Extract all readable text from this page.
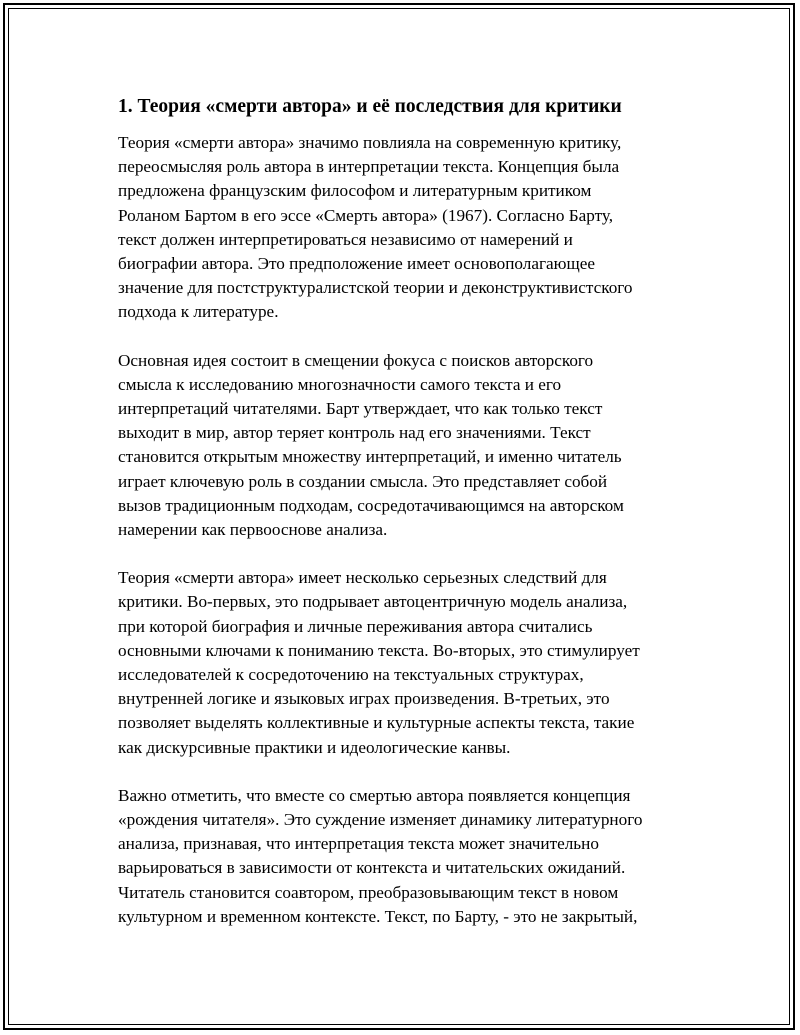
1. Теория «смерти автора» и её последствия для критики

Теория «смерти автора» значимо повлияла на современную критику,
переосмысляя роль автора в интерпретации текста. Концепция была
предложена французским философом и литературным критиком
Роланом Бартом в его эссе «Смерть автора» (1967). Согласно Барту,
текст должен интерпретироваться независимо от намерений и
биографии автора. Это предположение имеет основополагающее
значение для постструктуралистской теории и деконструктивистского
подхода к литературе.

Основная идея состоит в смещении фокуса с поисков авторского
смысла к исследованию многозначности самого текста и его
интерпретаций читателями. Барт утверждает, что как только текст
выходит в мир, автор теряет контроль над его значениями. Текст
становится открытым множеству интерпретаций, и именно читатель
играет ключевую роль в создании смысла. Это представляет собой
вызов традиционным подходам, сосредотачивающимся на авторском
намерении как первооснове анализа.

Теория «смерти автора» имеет несколько серьезных следствий для
критики. Во-первых, это подрывает автоцентричную модель анализа,
при которой биография и личные переживания автора считались
основными ключами к пониманию текста. Во-вторых, это стимулирует
исследователей к сосредоточению на текстуальных структурах,
внутренней логике и языковых играх произведения. В-третьих, это
позволяет выделять коллективные и культурные аспекты текста, такие
как дискурсивные практики и идеологические канвы.

Важно отметить, что вместе со смертью автора появляется концепция
«рождения читателя». Это суждение изменяет динамику литературного
анализа, признавая, что интерпретация текста может значительно
варьироваться в зависимости от контекста и читательских ожиданий.
Читатель становится соавтором, преобразовывающим текст в новом
культурном и временном контексте. Текст, по Барту, - это не закрытый,
